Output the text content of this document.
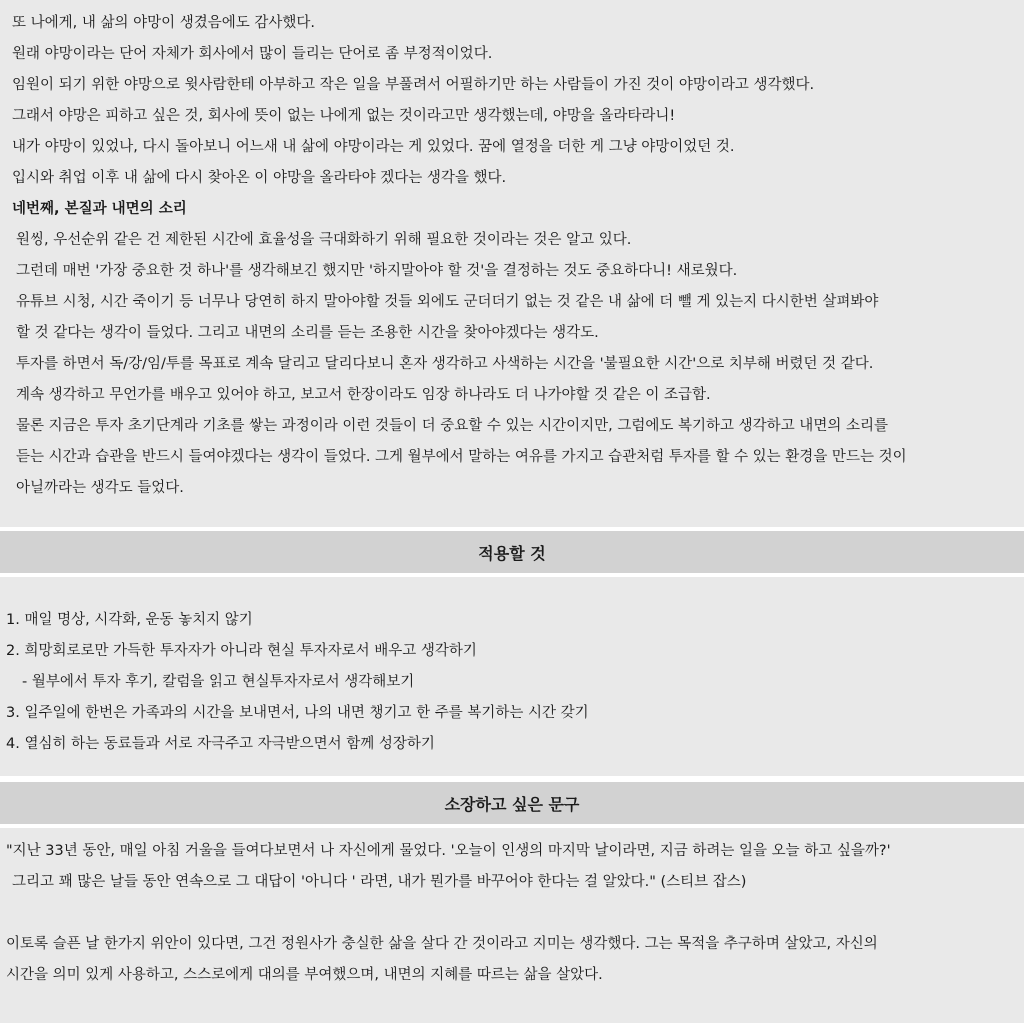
또 나에게, 내 삶의 야망이 생겼음에도 감사했다.
원래 야망이라는 단어 자체가 회사에서 많이 들리는 단어로 좀 부정적이었다.
임원이 되기 위한 야망으로 윗사람한테 아부하고 작은 일을 부풀려서 어필하기만 하는 사람들이 가진 것이 야망이라고 생각했다.
그래서 야망은 피하고 싶은 것, 회사에 뜻이 없는 나에게 없는 것이라고만 생각했는데, 야망을 올라타라니!
내가 야망이 있었나, 다시 돌아보니 어느새 내 삶에 야망이라는 게 있었다. 꿈에 열정을 더한 게 그냥 야망이었던 것.
입시와 취업 이후 내 삶에 다시 찾아온 이 야망을 올라타야 겠다는 생각을 했다.
네번째, 본질과 내면의 소리
원씽, 우선순위 같은 건 제한된 시간에 효율성을 극대화하기 위해 필요한 것이라는 것은 알고 있다.
그런데 매번 '가장 중요한 것 하나'를 생각해보긴 했지만 '하지말아야 할 것'을 결정하는 것도 중요하다니! 새로웠다.
유튜브 시청, 시간 죽이기 등 너무나 당연히 하지 말아야할 것들 외에도 군더더기 없는 것 같은 내 삶에 더 뺄 게 있는지 다시한번 살펴봐야
할 것 같다는 생각이 들었다. 그리고 내면의 소리를 듣는 조용한 시간을 찾아야겠다는 생각도.
투자를 하면서 독/강/임/투를 목표로 계속 달리고 달리다보니 혼자 생각하고 사색하는 시간을 '불필요한 시간'으로 치부해 버렸던 것 같다.
계속 생각하고 무언가를 배우고 있어야 하고, 보고서 한장이라도 임장 하나라도 더 나가야할 것 같은 이 조급함.
물론 지금은 투자 초기단계라 기초를 쌓는 과정이라 이런 것들이 더 중요할 수 있는 시간이지만, 그럼에도 복기하고 생각하고 내면의 소리를
듣는 시간과 습관을 반드시 들여야겠다는 생각이 들었다. 그게 월부에서 말하는 여유를 가지고 습관처럼 투자를 할 수 있는 환경을 만드는 것이
아닐까라는 생각도 들었다.
적용할 것
1. 매일 명상, 시각화, 운동 놓치지 않기
2. 희망회로로만 가득한 투자자가 아니라 현실 투자자로서 배우고 생각하기
- 월부에서 투자 후기, 칼럼을 읽고 현실투자자로서 생각해보기
3. 일주일에 한번은 가족과의 시간을 보내면서, 나의 내면 챙기고 한 주를 복기하는 시간 갖기
4. 열심히 하는 동료들과 서로 자극주고 자극받으면서 함께 성장하기
소장하고 싶은 문구
"지난 33년 동안, 매일 아침 거울을 들여다보면서 나 자신에게 물었다. '오늘이 인생의 마지막 날이라면, 지금 하려는 일을 오늘 하고 싶을까?'
그리고 꽤 많은 날들 동안 연속으로 그 대답이 '아니다 ' 라면, 내가 뭔가를 바꾸어야 한다는 걸 알았다." (스티브 잡스)
이토록 슬픈 날 한가지 위안이 있다면, 그건 정원사가 충실한 삶을 살다 간 것이라고 지미는 생각했다. 그는 목적을 추구하며 살았고, 자신의
시간을 의미 있게 사용하고, 스스로에게 대의를 부여했으며, 내면의 지혜를 따르는 삶을 살았다.
